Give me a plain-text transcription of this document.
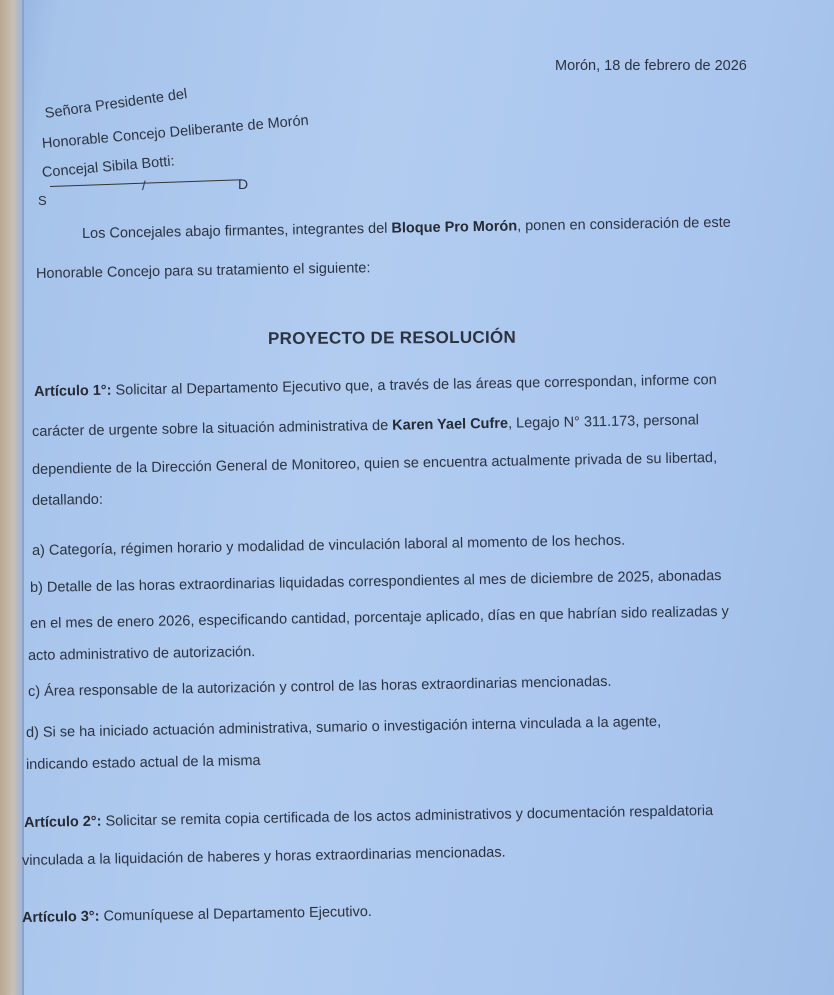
Morón, 18 de febrero de 2026
Señora Presidente del
Honorable Concejo Deliberante de Morón
Concejal Sibila Botti:
S
/	D
Los Concejales abajo firmantes, integrantes del Bloque Pro Morón, ponen en consideración de este
Honorable Concejo para su tratamiento el siguiente:
PROYECTO DE RESOLUCIÓN
Artículo 1°: Solicitar al Departamento Ejecutivo que, a través de las áreas que correspondan, informe con
carácter de urgente sobre la situación administrativa de Karen Yael Cufre, Legajo N° 311.173, personal
dependiente de la Dirección General de Monitoreo, quien se encuentra actualmente privada de su libertad,
detallando:
a) Categoría, régimen horario y modalidad de vinculación laboral al momento de los hechos.
b) Detalle de las horas extraordinarias liquidadas correspondientes al mes de diciembre de 2025, abonadas
en el mes de enero 2026, especificando cantidad, porcentaje aplicado, días en que habrían sido realizadas y
acto administrativo de autorización.
c) Área responsable de la autorización y control de las horas extraordinarias mencionadas.
d) Si se ha iniciado actuación administrativa, sumario o investigación interna vinculada a la agente,
indicando estado actual de la misma
Artículo 2°: Solicitar se remita copia certificada de los actos administrativos y documentación respaldatoria
vinculada a la liquidación de haberes y horas extraordinarias mencionadas.
Artículo 3°: Comuníquese al Departamento Ejecutivo.
